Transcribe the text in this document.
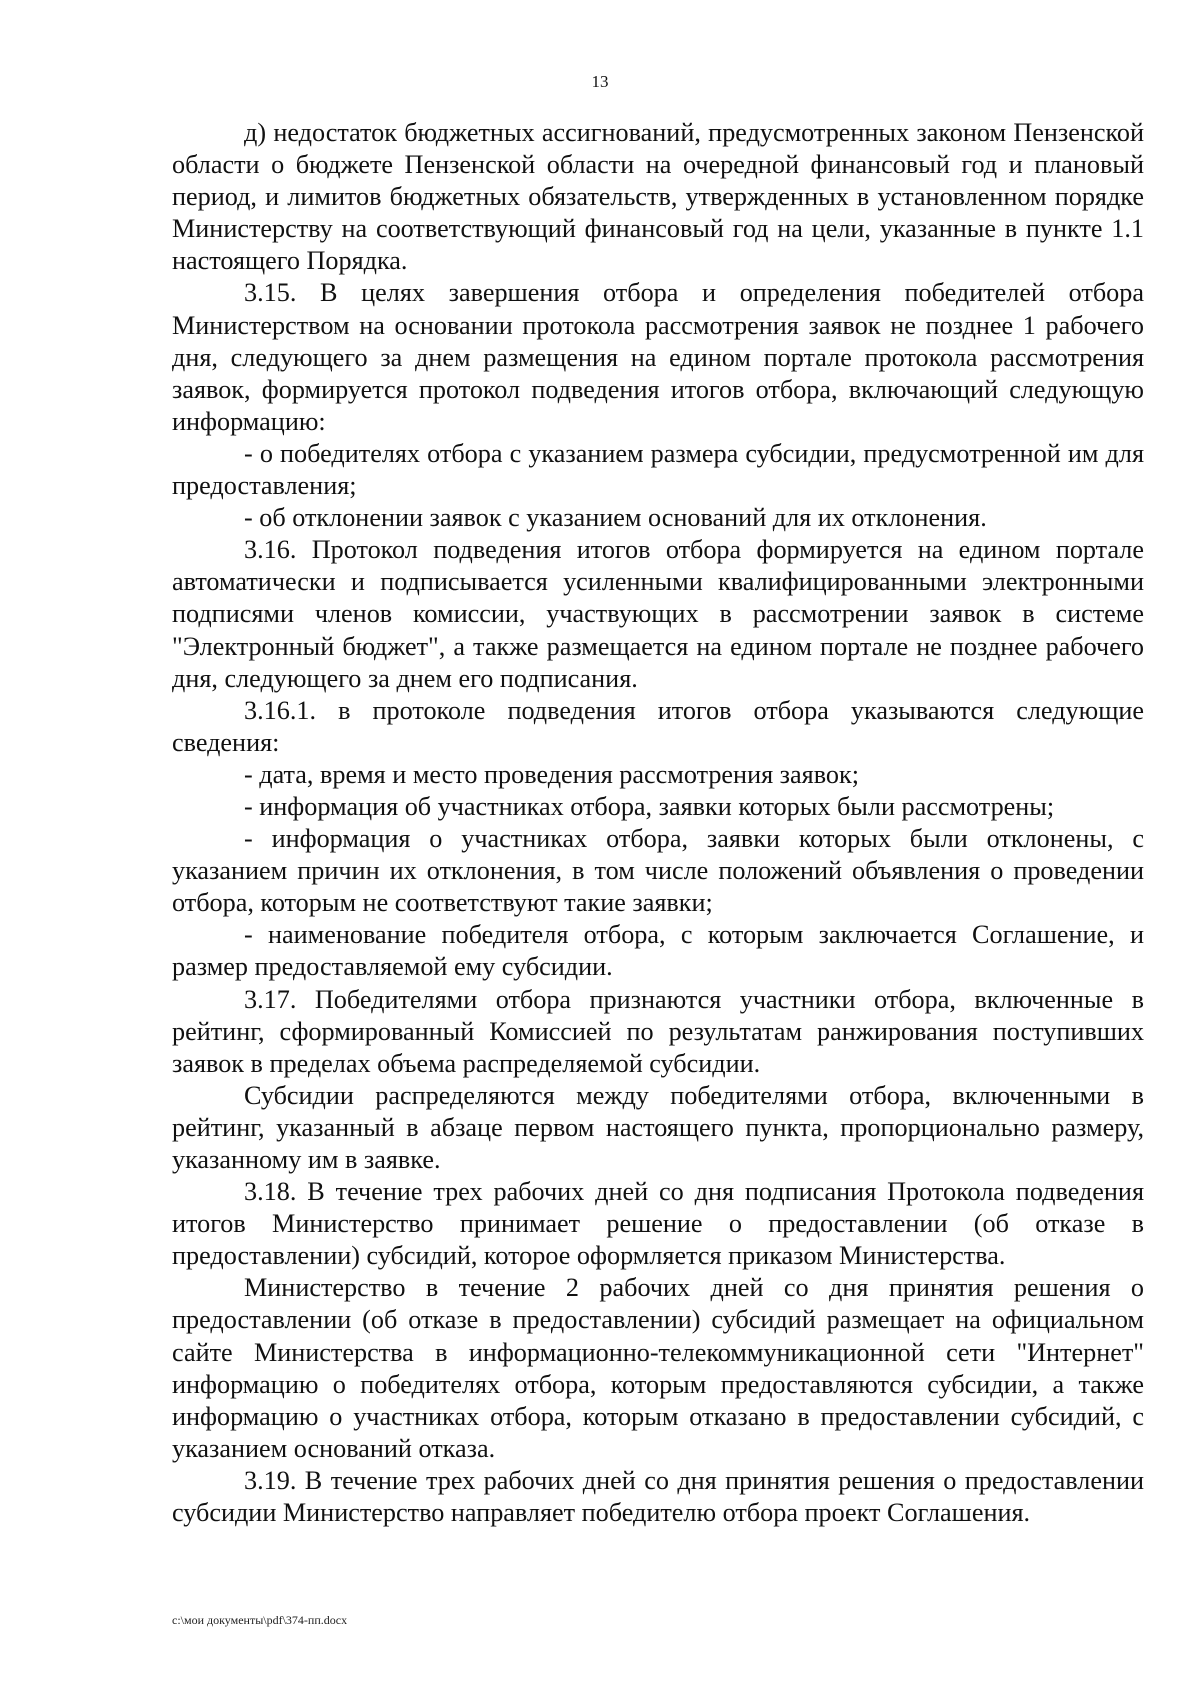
13

д) недостаток бюджетных ассигнований, предусмотренных законом Пензенской области о бюджете Пензенской области на очередной финансовый год и плановый период, и лимитов бюджетных обязательств, утвержденных в установленном порядке Министерству на соответствующий финансовый год на цели, указанные в пункте 1.1 настоящего Порядка.

3.15. В целях завершения отбора и определения победителей отбора Министерством на основании протокола рассмотрения заявок не позднее 1 рабочего дня, следующего за днем размещения на едином портале протокола рассмотрения заявок, формируется протокол подведения итогов отбора, включающий следующую информацию:

- о победителях отбора с указанием размера субсидии, предусмотренной им для предоставления;

- об отклонении заявок с указанием оснований для их отклонения.

3.16. Протокол подведения итогов отбора формируется на едином портале автоматически и подписывается усиленными квалифицированными электронными подписями членов комиссии, участвующих в рассмотрении заявок в системе "Электронный бюджет", а также размещается на едином портале не позднее рабочего дня, следующего за днем его подписания.

3.16.1. в протоколе подведения итогов отбора указываются следующие сведения:

- дата, время и место проведения рассмотрения заявок;

- информация об участниках отбора, заявки которых были рассмотрены;

- информация о участниках отбора, заявки которых были отклонены, с указанием причин их отклонения, в том числе положений объявления о проведении отбора, которым не соответствуют такие заявки;

- наименование победителя отбора, с которым заключается Соглашение, и размер предоставляемой ему субсидии.

3.17. Победителями отбора признаются участники отбора, включенные в рейтинг, сформированный Комиссией по результатам ранжирования поступивших заявок в пределах объема распределяемой субсидии.

Субсидии распределяются между победителями отбора, включенными в рейтинг, указанный в абзаце первом настоящего пункта, пропорционально размеру, указанному им в заявке.

3.18. В течение трех рабочих дней со дня подписания Протокола подведения итогов Министерство принимает решение о предоставлении (об отказе в предоставлении) субсидий, которое оформляется приказом Министерства.

Министерство в течение 2 рабочих дней со дня принятия решения о предоставлении (об отказе в предоставлении) субсидий размещает на официальном сайте Министерства в информационно-телекоммуникационной сети "Интернет" информацию о победителях отбора, которым предоставляются субсидии, а также информацию о участниках отбора, которым отказано в предоставлении субсидий, с указанием оснований отказа.

3.19. В течение трех рабочих дней со дня принятия решения о предоставлении субсидии Министерство направляет победителю отбора проект Соглашения.

c:\мои документы\pdf\374-пп.docx
